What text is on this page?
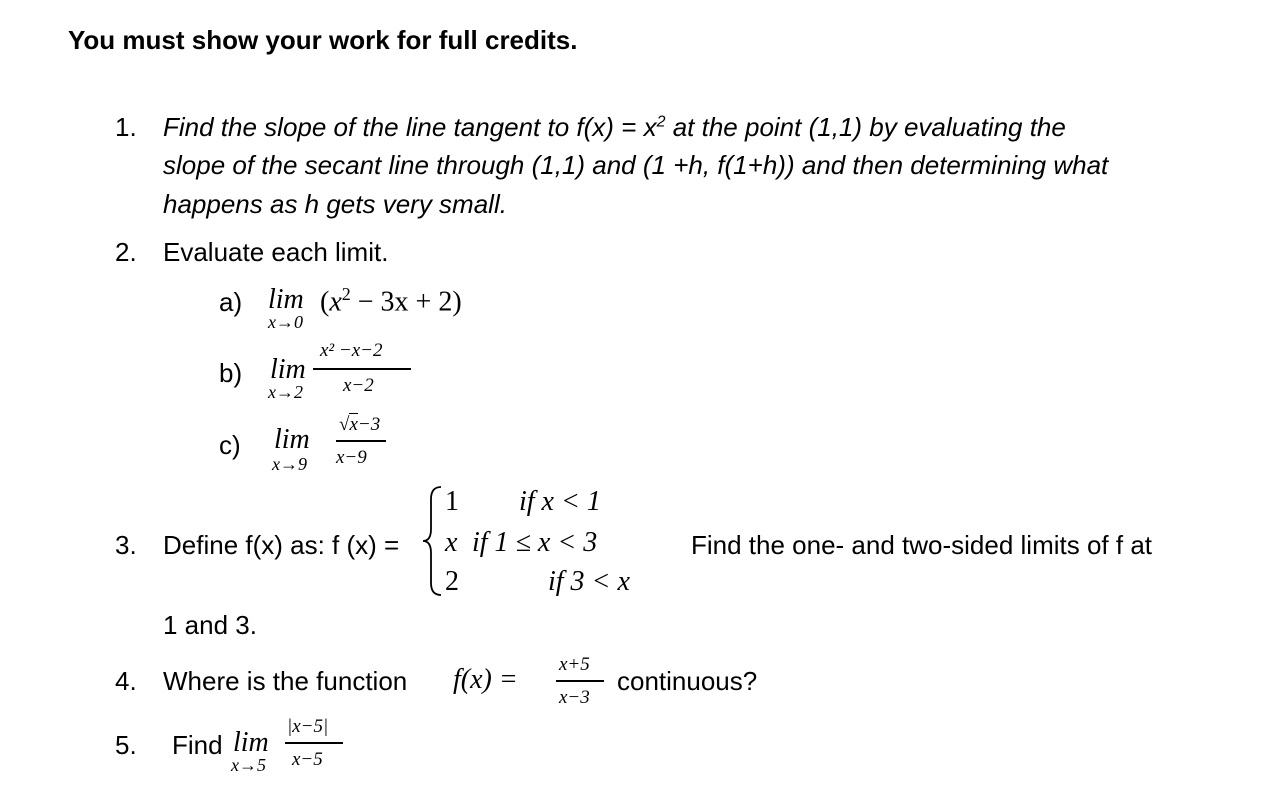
You must show your work for full credits.
1. Find the slope of the line tangent to $f(x) = x^2$ at the point (1,1) by evaluating the
slope of the secant line through (1,1) and (1 +h, f(1+h)) and then determining what
happens as h gets very small.
2. Evaluate each limit.
a) lim
x→0
$(x^2 - 3x + 2)$
b) lim
x→2
x² −x−2
x−2
c) lim
x→9
√x−3
x−9
3. Define f(x) as: f (x) =
1 if x < 1
x if 1 ≤ x < 3
2	if 3 < x
Find the one- and two-sided limits of f at
1 and 3.
4. Where is the function f(x) = x+5
x−3
continuous?
5. Find lim
x→5
|x−5|
x−5
